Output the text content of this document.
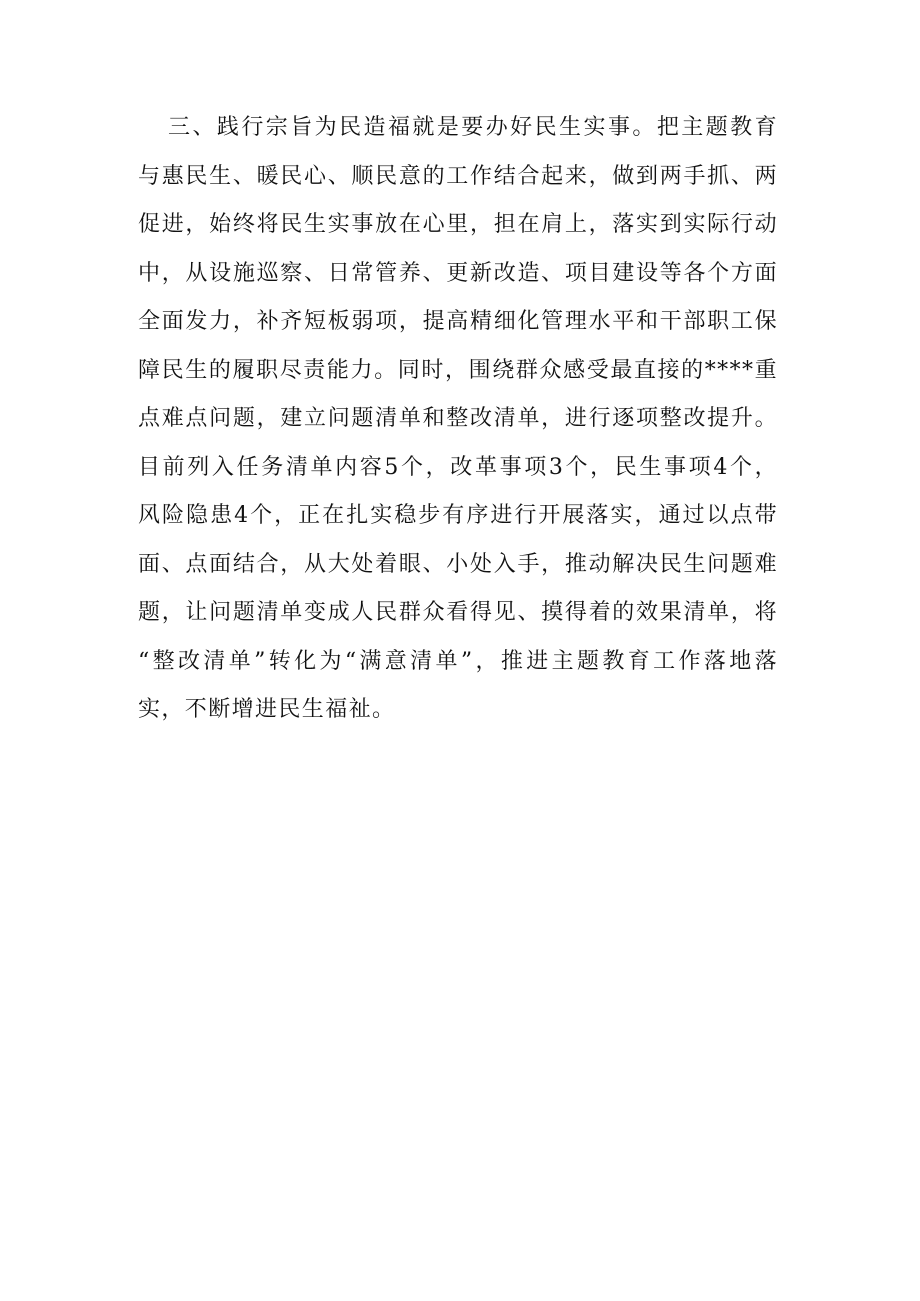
三、践行宗旨为民造福就是要办好民生实事。把主题教育
与惠民生、暖民心、顺民意的工作结合起来，做到两手抓、两
促进，始终将民生实事放在心里，担在肩上，落实到实际行动
中，从设施巡察、日常管养、更新改造、项目建设等各个方面
全面发力，补齐短板弱项，提高精细化管理水平和干部职工保
障民生的履职尽责能力。同时，围绕群众感受最直接的****重
点难点问题，建立问题清单和整改清单，进行逐项整改提升。
目前列入任务清单内容5个，改革事项3个，民生事项4个，
风险隐患4个，正在扎实稳步有序进行开展落实，通过以点带
面、点面结合，从大处着眼、小处入手，推动解决民生问题难
题，让问题清单变成人民群众看得见、摸得着的效果清单，将
“整改清单”转化为“满意清单”，推进主题教育工作落地落
实，不断增进民生福祉。
